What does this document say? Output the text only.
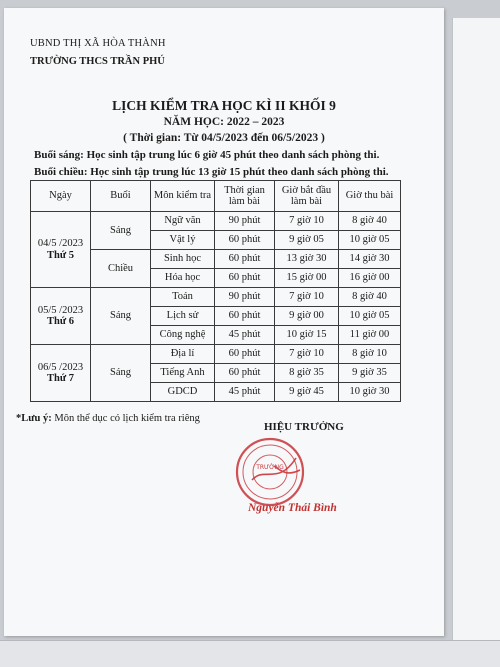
UBND THỊ XÃ HÒA THÀNH
TRƯỜNG THCS TRẦN PHÚ
LỊCH KIỂM TRA HỌC KÌ II KHỐI 9
NĂM HỌC: 2022 – 2023
( Thời gian: Từ 04/5/2023 đến 06/5/2023 )
Buổi sáng: Học sinh tập trung lúc 6 giờ 45 phút theo danh sách phòng thi.
Buổi chiều: Học sinh tập trung lúc 13 giờ 15 phút theo danh sách phòng thi.
Ngày	Buổi	Môn kiểm tra	Thời gian làm bài	Giờ bắt đầu làm bài	Giờ thu bài
04/5 /2023
Thứ 5	Sáng	Ngữ văn	90 phút	7 giờ 10	8 giờ 40
		Vật lý	60 phút	9 giờ 05	10 giờ 05
	Chiều	Sinh học	60 phút	13 giờ 30	14 giờ 30
		Hóa học	60 phút	15 giờ 00	16 giờ 00
05/5 /2023
Thứ 6	Sáng	Toán	90 phút	7 giờ 10	8 giờ 40
		Lịch sử	60 phút	9 giờ 00	10 giờ 05
		Công nghệ	45 phút	10 giờ 15	11 giờ 00
06/5 /2023
Thứ 7	Sáng	Địa lí	60 phút	7 giờ 10	8 giờ 10
		Tiếng Anh	60 phút	8 giờ 35	9 giờ 35
		GDCD	45 phút	9 giờ 45	10 giờ 30
*Lưu ý: Môn thể dục có lịch kiểm tra riêng
HIỆU TRƯỞNG
TRƯỜNG
Nguyễn Thái Bình
